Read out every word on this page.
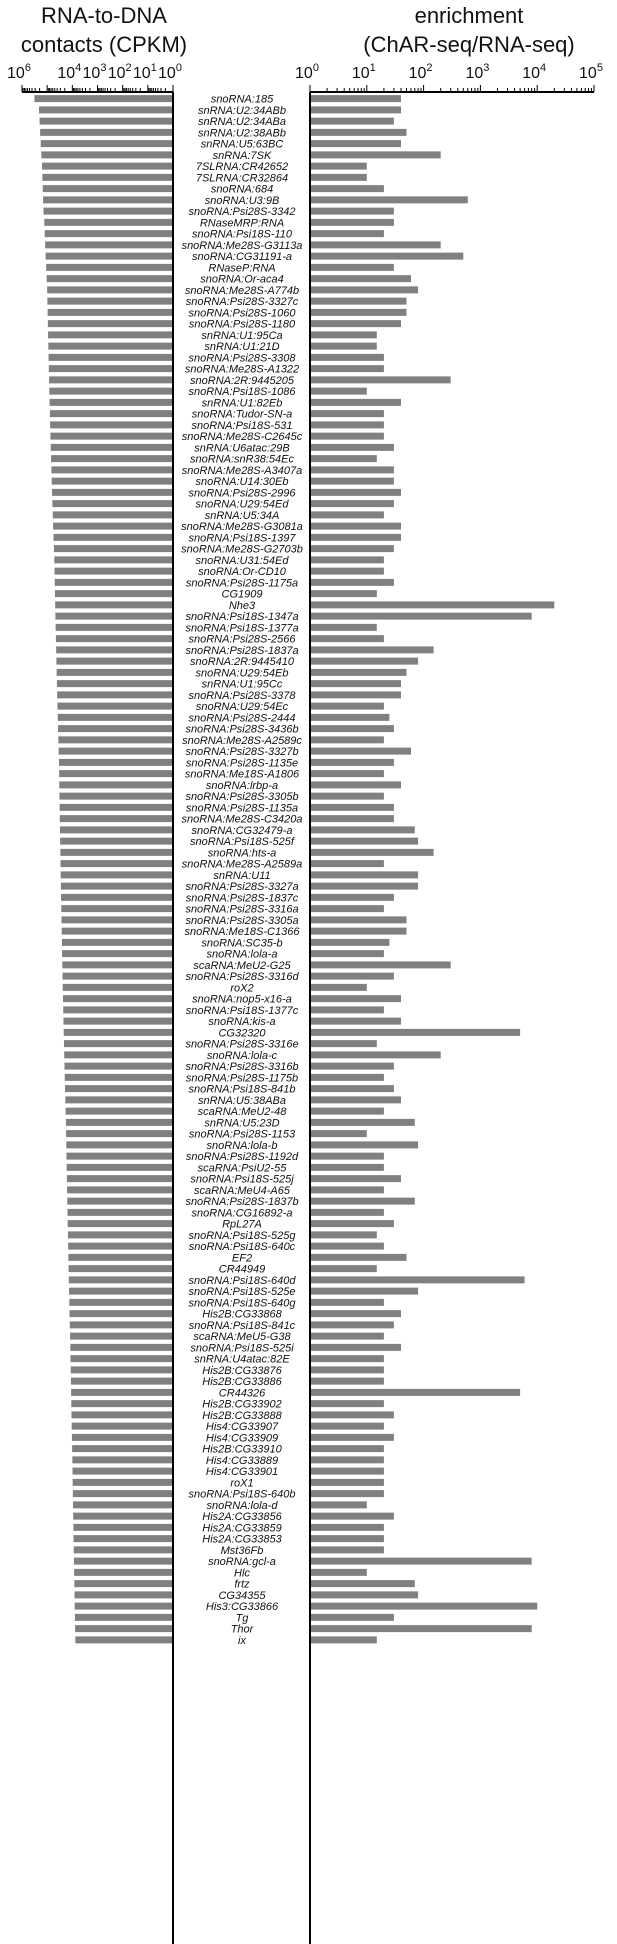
RNA-to-DNA
contacts (CPKM)
enrichment
(ChAR-seq/RNA-seq)
$10^6$ $10^4$ $10^3$ $10^2$ $10^1$ $10^0$	$10^0$ $10^1$ $10^2$ $10^3$ $10^4$ $10^5$
snoRNA:185
snRNA:U2:34ABb
snRNA:U2:34ABa
snRNA:U2:38ABb
snRNA:U5:63BC
snRNA:7SK
7SLRNA:CR42652
7SLRNA:CR32864
snoRNA:684
snoRNA:U3:9B
snoRNA:Psi28S-3342
RNaseMRP:RNA
snoRNA:Psi18S-110
snoRNA:Me28S-G3113a
snoRNA:CG31191-a
RNaseP:RNA
snoRNA:Or-aca4
snoRNA:Me28S-A774b
snoRNA:Psi28S-3327c
snoRNA:Psi28S-1060
snoRNA:Psi28S-1180
snRNA:U1:95Ca
snRNA:U1:21D
snoRNA:Psi28S-3308
snoRNA:Me28S-A1322
snoRNA:2R:9445205
snoRNA:Psi18S-1086
snRNA:U1:82Eb
snoRNA:Tudor-SN-a
snoRNA:Psi18S-531
snoRNA:Me28S-C2645c
snRNA:U6atac:29B
snoRNA:snR38:54Ec
snoRNA:Me28S-A3407a
snoRNA:U14:30Eb
snoRNA:Psi28S-2996
snoRNA:U29:54Ed
snRNA:U5:34A
snoRNA:Me28S-G3081a
snoRNA:Psi18S-1397
snoRNA:Me28S-G2703b
snoRNA:U31:54Ed
snoRNA:Or-CD10
snoRNA:Psi28S-1175a
CG1909
Nhe3
snoRNA:Psi18S-1347a
snoRNA:Psi18S-1377a
snoRNA:Psi28S-2566
snoRNA:Psi28S-1837a
snoRNA:2R:9445410
snoRNA:U29:54Eb
snRNA:U1:95Cc
snoRNA:Psi28S-3378
snoRNA:U29:54Ec
snoRNA:Psi28S-2444
snoRNA:Psi28S-3436b
snoRNA:Me28S-A2589c
snoRNA:Psi28S-3327b
snoRNA:Psi28S-1135e
snoRNA:Me18S-A1806
snoRNA:lrbp-a
snoRNA:Psi28S-3305b
snoRNA:Psi28S-1135a
snoRNA:Me28S-C3420a
snoRNA:CG32479-a
snoRNA:Psi18S-525f
snoRNA:hts-a
snoRNA:Me28S-A2589a
snRNA:U11
snoRNA:Psi28S-3327a
snoRNA:Psi28S-1837c
snoRNA:Psi28S-3316a
snoRNA:Psi28S-3305a
snoRNA:Me18S-C1366
snoRNA:SC35-b
snoRNA:lola-a
scaRNA:MeU2-G25
snoRNA:Psi28S-3316d
roX2
snoRNA:nop5-x16-a
snoRNA:Psi18S-1377c
snoRNA:kis-a
CG32320
snoRNA:Psi28S-3316e
snoRNA:lola-c
snoRNA:Psi28S-3316b
snoRNA:Psi28S-1175b
snoRNA:Psi18S-841b
snRNA:U5:38ABa
scaRNA:MeU2-48
snRNA:U5:23D
snoRNA:Psi28S-1153
snoRNA:lola-b
snoRNA:Psi28S-1192d
scaRNA:PsiU2-55
snoRNA:Psi18S-525j
scaRNA:MeU4-A65
snoRNA:Psi28S-1837b
snoRNA:CG16892-a
RpL27A
snoRNA:Psi18S-525g
snoRNA:Psi18S-640c
EF2
CR44949
snoRNA:Psi18S-640d
snoRNA:Psi18S-525e
snoRNA:Psi18S-640g
His2B:CG33868
snoRNA:Psi18S-841c
scaRNA:MeU5-G38
snoRNA:Psi18S-525i
snRNA:U4atac:82E
His2B:CG33876
His2B:CG33886
CR44326
His2B:CG33902
His2B:CG33888
His4:CG33907
His4:CG33909
His2B:CG33910
His4:CG33889
His4:CG33901
roX1
snoRNA:Psi18S-640b
snoRNA:lola-d
His2A:CG33856
His2A:CG33859
His2A:CG33853
Mst36Fb
snoRNA:gcl-a
Hlc
frtz
CG34355
His3:CG33866
Tg
Thor
ix
